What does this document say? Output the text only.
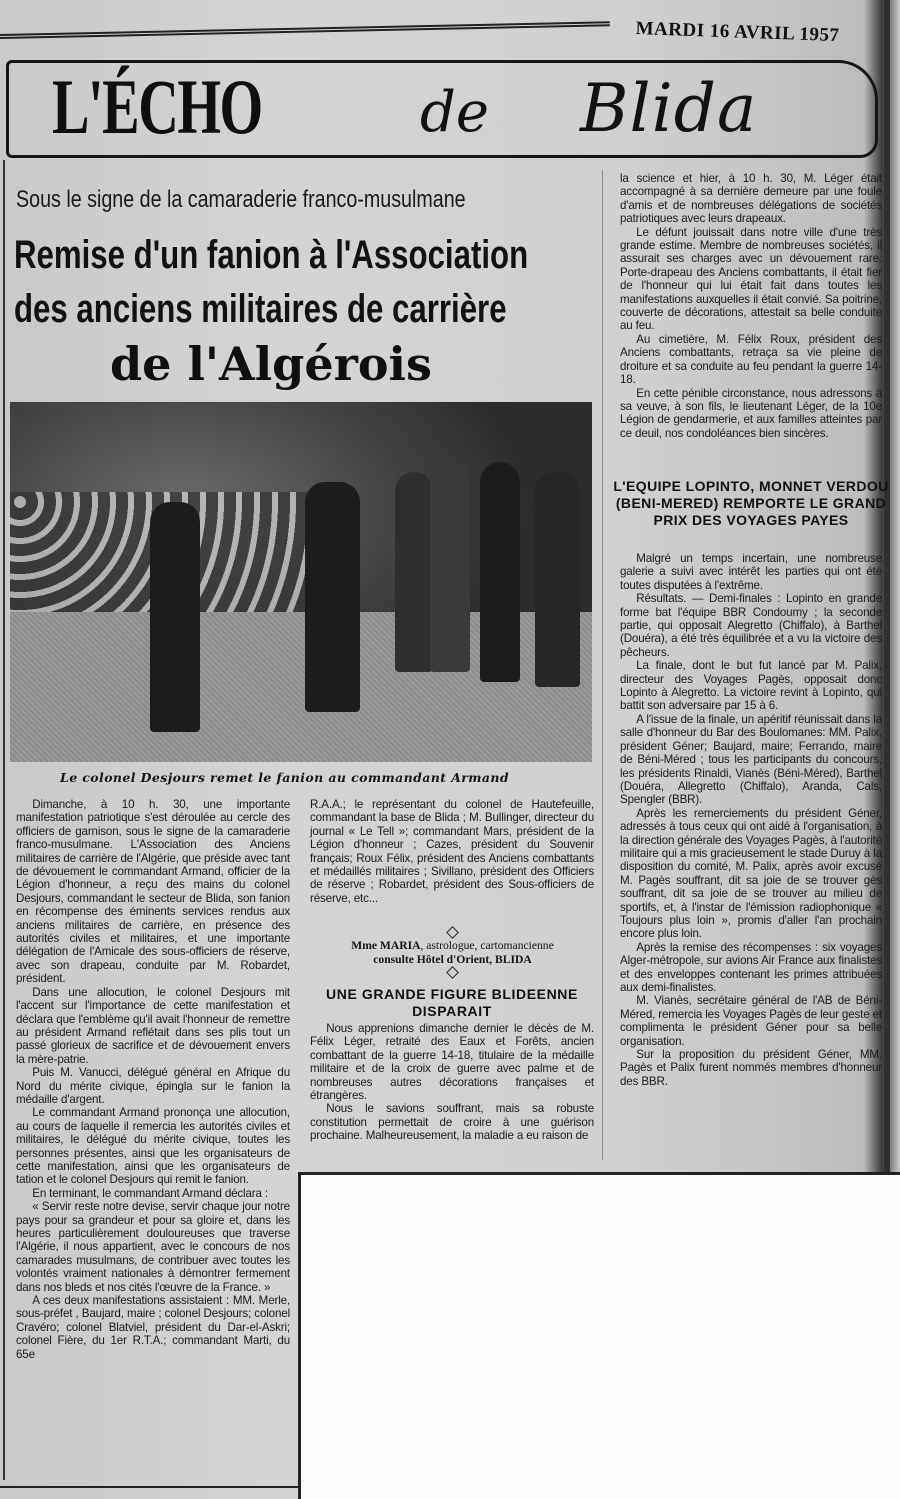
MARDI 16 AVRIL 1957
L'ÉCHO	de Blida
Sous le signe de la camaraderie franco-musulmane
Remise d'un fanion à l'Association
des anciens militaires de carrière
de l'Algérois
Le colonel Desjours remet le fanion au commandant Armand

Dimanche, à 10 h. 30, une importante manifestation patriotique s'est déroulée au cercle des officiers de garnison, sous le signe de la camaraderie franco-musulmane. L'Association des Anciens militaires de carrière de l'Algérie, que préside avec tant de dévouement le commandant Armand, officier de la Légion d'honneur, a reçu des mains du colonel Desjours, commandant le secteur de Blida, son fanion en récompense des éminents services rendus aux anciens militaires de carrière, en présence des autorités civiles et militaires, et une importante délégation de l'Amicale des sous-officiers de réserve, avec son drapeau, conduite par M. Robardet, président.

Dans une allocution, le colonel Desjours mit l'accent sur l'importance de cette manifestation et déclara que l'emblème qu'il avait l'honneur de remettre au président Armand reflétait dans ses plis tout un passé glorieux de sacrifice et de dévouement envers la mère-patrie.

Puis M. Vanucci, délégué général en Afrique du Nord du mérite civique, épingla sur le fanion la médaille d'argent.

Le commandant Armand prononça une allocution, au cours de laquelle il remercia les autorités civiles et militaires, le délégué du mérite civique, toutes les personnes présentes, ainsi que les organisateurs de cette manifestation, ainsi que les organisateurs de tation et le colonel Desjours qui remit le fanion.

En terminant, le commandant Armand déclara :

« Servir reste notre devise, servir chaque jour notre pays pour sa grandeur et pour sa gloire et, dans les heures particulièrement douloureuses que traverse l'Algérie, il nous appartient, avec le concours de nos camarades musulmans, de contribuer avec toutes les volontés vraiment nationales à démontrer fermement dans nos bleds et nos cités l'œuvre de la France. »

A ces deux manifestations assistaient : MM. Merle, sous-préfet , Baujard, maire ; colonel Desjours; colonel Cravéro; colonel Blatviel, président du Dar-el-Askri; colonel Fière, du 1er R.T.A.; commandant Marti, du 65e

R.A.A.; le représentant du colonel de Hautefeuille, commandant la base de Blida ; M. Bullinger, directeur du journal « Le Tell »; commandant Mars, président de la Légion d'honneur ; Cazes, président du Souvenir français; Roux Félix, président des Anciens combattants et médaillés militaires ; Sivillano, président des Officiers de réserve ; Robardet, président des Sous-officiers de réserve, etc...

Mme MARIA, astrologue, cartomancienne
consulte Hôtel d'Orient, BLIDA
UNE GRANDE FIGURE BLIDEENNE DISPARAIT

Nous apprenions dimanche dernier le décès de M. Félix Léger, retraité des Eaux et Forêts, ancien combattant de la guerre 14-18, titulaire de la médaille militaire et de la croix de guerre avec palme et de nombreuses autres décorations françaises et étrangères.

Nous le savions souffrant, mais sa robuste constitution permettait de croire à une guérison prochaine. Malheureusement, la maladie a eu raison de

la science et hier, à 10 h. 30, M. Léger était accompagné à sa dernière demeure par une foule d'amis et de nombreuses délégations de sociétés patriotiques avec leurs drapeaux.

Le défunt jouissait dans notre ville d'une très grande estime. Membre de nombreuses sociétés, il assurait ses charges avec un dévouement rare. Porte-drapeau des Anciens combattants, il était fier de l'honneur qui lui était fait dans toutes les manifestations auxquelles il était convié. Sa poitrine, couverte de décorations, attestait sa belle conduite au feu.

Au cimetière, M. Félix Roux, président des Anciens combattants, retraça sa vie pleine de droiture et sa conduite au feu pendant la guerre 14-18.

En cette pénible circonstance, nous adressons à sa veuve, à son fils, le lieutenant Léger, de la 10e Légion de gendarmerie, et aux familles atteintes par ce deuil, nos condoléances bien sincères.

L'EQUIPE LOPINTO, MONNET VERDOU (BENI-MERED) REMPORTE LE GRAND PRIX DES VOYAGES PAYES

Malgré un temps incertain, une nombreuse galerie a suivi avec intérêt les parties qui ont été toutes disputées à l'extrême.

Résultats. — Demi-finales : Lopinto en grande forme bat l'équipe BBR Condoumy ; la seconde partie, qui opposait Alegretto (Chiffalo), à Barthel (Douéra), a été très équilibrée et a vu la victoire des pêcheurs.

La finale, dont le but fut lancé par M. Palix, directeur des Voyages Pagès, opposait donc Lopinto à Alegretto. La victoire revint à Lopinto, qui battit son adversaire par 15 à 6.

A l'issue de la finale, un apéritif réunissait dans la salle d'honneur du Bar des Boulomanes: MM. Palix, président Géner; Baujard, maire; Ferrando, maire de Béni-Méred ; tous les participants du concours, les présidents Rinaldi, Vianès (Béni-Méred), Barthel (Douéra, Allegretto (Chiffalo), Aranda, Cals, Spengler (BBR).

Après les remerciements du président Géner, adressés à tous ceux qui ont aidé à l'organisation, à la direction générale des Voyages Pagès, à l'autorité militaire qui a mis gracieusement le stade Duruy à la disposition du comité, M. Palix, après avoir excusé M. Pagès souffrant, dit sa joie de se trouver gès souffrant, dit sa joie de se trouver au milieu de sportifs, et, à l'instar de l'émission radiophonique « Toujours plus loin », promis d'aller l'an prochain encore plus loin.

Après la remise des récompenses : six voyages Alger-métropole, sur avions Air France aux finalistes et des enveloppes contenant les primes attribuées aux demi-finalistes.

M. Vianès, secrétaire général de l'AB de Béni-Méred, remercia les Voyages Pagès de leur geste et complimenta le président Géner pour sa belle organisation.

Sur la proposition du président Géner, MM. Pagès et Palix furent nommés membres d'honneur des BBR.
